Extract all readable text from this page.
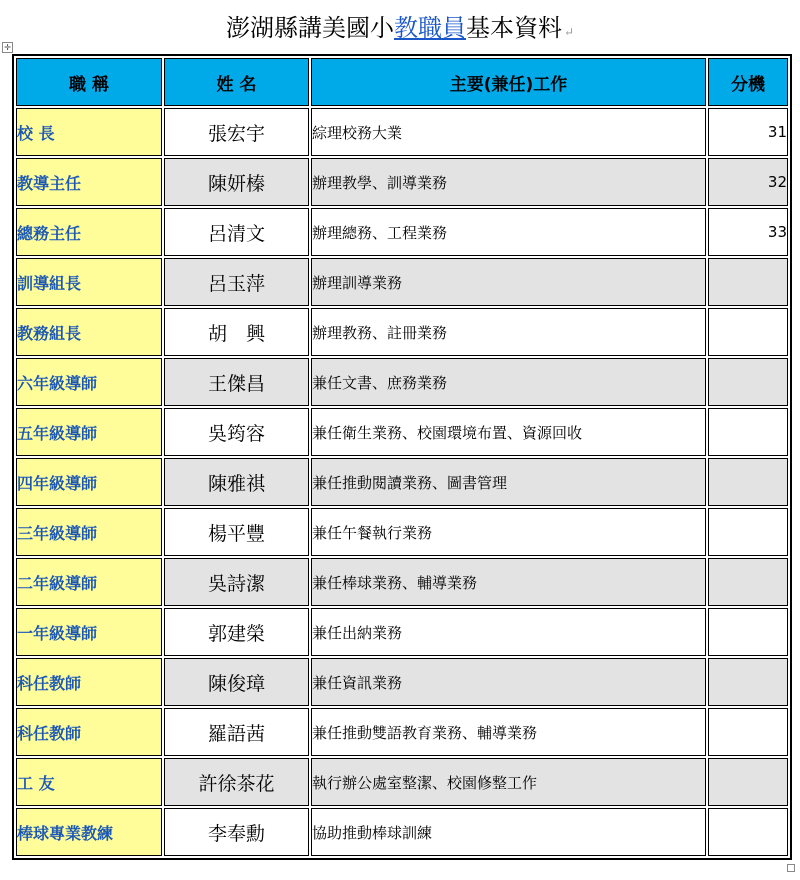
澎湖縣講美國小教職員基本資料 ↵
✛
職 稱	姓 名	主要(兼任)工作	分機
校 長	張宏宇	綜理校務大業	31
教導主任	陳妍榛	辦理教學、訓導業務	32
總務主任	呂清文	辦理總務、工程業務	33
訓導組長	呂玉萍	辦理訓導業務	
教務組長	胡　興	辦理教務、註冊業務	
六年級導師	王傑昌	兼任文書、庶務業務	
五年級導師	吳筠容	兼任衛生業務、校園環境布置、資源回收	
四年級導師	陳雅祺	兼任推動閱讀業務、圖書管理	
三年級導師	楊平豐	兼任午餐執行業務	
二年級導師	吳詩潔	兼任棒球業務、輔導業務	
一年級導師	郭建榮	兼任出納業務	
科任教師	陳俊璋	兼任資訊業務	
科任教師	羅語茜	兼任推動雙語教育業務、輔導業務	
工 友	許徐茶花	執行辦公處室整潔、校園修整工作	
棒球專業教練	李奉勳	協助推動棒球訓練	
